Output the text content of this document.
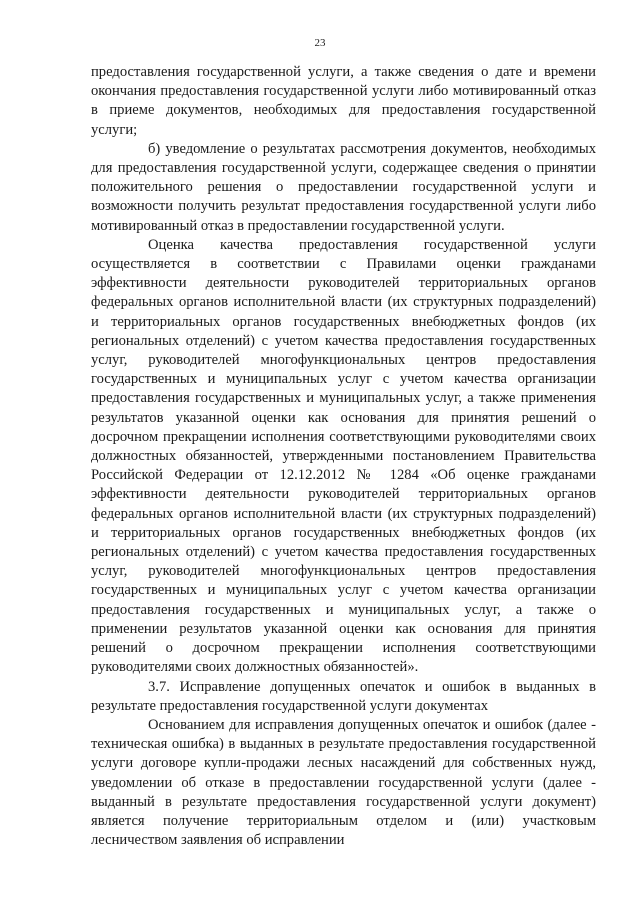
23

предоставления государственной услуги, а также сведения о дате и времени окончания предоставления государственной услуги либо мотивированный отказ в приеме документов, необходимых для предоставления государственной услуги;

б) уведомление о результатах рассмотрения документов, необходимых для предоставления государственной услуги, содержащее сведения о принятии положительного решения о предоставлении государственной услуги и возможности получить результат предоставления государственной услуги либо мотивированный отказ в предоставлении государственной услуги.

Оценка качества предоставления государственной услуги осуществляется в соответствии с Правилами оценки гражданами эффективности деятельности руководителей территориальных органов федеральных органов исполнительной власти (их структурных подразделений) и территориальных органов государственных внебюджетных фондов (их региональных отделений) с учетом качества предоставления государственных услуг, руководителей многофункциональных центров предоставления государственных и муниципальных услуг с учетом качества организации предоставления государственных и муниципальных услуг, а также применения результатов указанной оценки как основания для принятия решений о досрочном прекращении исполнения соответствующими руководителями своих должностных обязанностей, утвержденными постановлением Правительства Российской Федерации от 12.12.2012 № 1284 «Об оценке гражданами эффективности деятельности руководителей территориальных органов федеральных органов исполнительной власти (их структурных подразделений) и территориальных органов государственных внебюджетных фондов (их региональных отделений) с учетом качества предоставления государственных услуг, руководителей многофункциональных центров предоставления государственных и муниципальных услуг с учетом качества организации предоставления государственных и муниципальных услуг, а также о применении результатов указанной оценки как основания для принятия решений о досрочном прекращении исполнения соответствующими руководителями своих должностных обязанностей».

3.7. Исправление допущенных опечаток и ошибок в выданных в результате предоставления государственной услуги документах

Основанием для исправления допущенных опечаток и ошибок (далее - техническая ошибка) в выданных в результате предоставления государственной услуги договоре купли-продажи лесных насаждений для собственных нужд, уведомлении об отказе в предоставлении государственной услуги (далее - выданный в результате предоставления государственной услуги документ) является получение территориальным отделом и (или) участковым лесничеством заявления об исправлении
